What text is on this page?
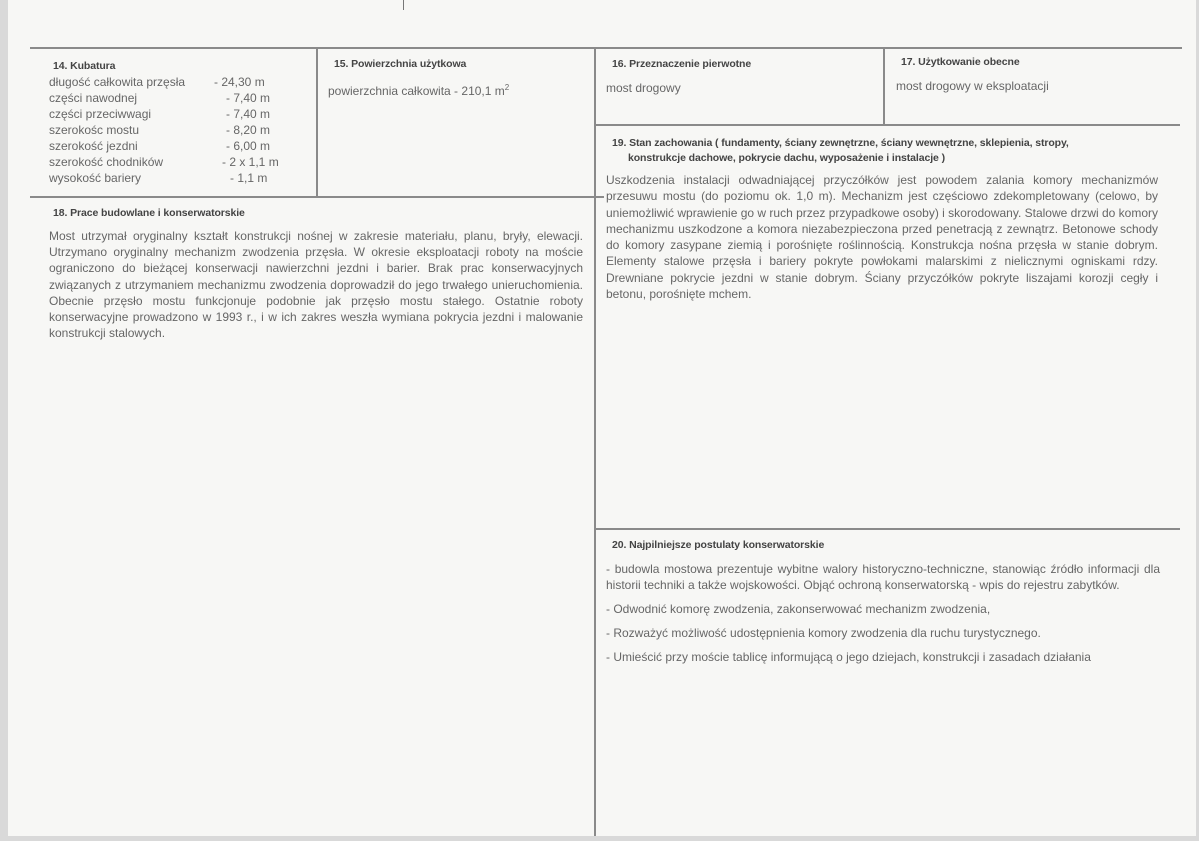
14. Kubatura
długość całkowita przęsła - 24,30 m
części nawodnej	- 7,40 m
części przeciwwagi	- 7,40 m
szerokośc mostu	- 8,20 m
szerokość jezdni	- 6,00 m
szerokość chodników	- 2 x 1,1 m
wysokość bariery	- 1,1 m
15. Powierzchnia użytkowa
powierzchnia całkowita - 210,1 $m^2$
16. Przeznaczenie pierwotne
most drogowy
17. Użytkowanie obecne
most drogowy w eksploatacji
18. Prace budowlane i konserwatorskie
Most utrzymał oryginalny kształt konstrukcji nośnej w zakresie materiału, planu, bryły, elewacji. Utrzymano oryginalny mechanizm zwodzenia przęsła. W okresie eksploatacji roboty na moście ograniczono do bieżącej konserwacji nawierzchni jezdni i barier. Brak prac konserwacyjnych związanych z utrzymaniem mechanizmu zwodzenia doprowadził do jego trwałego unieruchomienia. Obecnie przęsło mostu funkcjonuje podobnie jak przęsło mostu stałego. Ostatnie roboty konserwacyjne prowadzono w 1993 r., i w ich zakres weszła wymiana pokrycia jezdni i malowanie konstrukcji stalowych.
19. Stan zachowania ( fundamenty, ściany zewnętrzne, ściany wewnętrzne, sklepienia, stropy,
konstrukcje dachowe, pokrycie dachu, wyposażenie i instalacje )
Uszkodzenia instalacji odwadniającej przyczółków jest powodem zalania komory mechanizmów przesuwu mostu (do poziomu ok. 1,0 m). Mechanizm jest częściowo zdekompletowany (celowo, by uniemożliwić wprawienie go w ruch przez przypadkowe osoby) i skorodowany. Stalowe drzwi do komory mechanizmu uszkodzone a komora niezabezpieczona przed penetracją z zewnątrz. Betonowe schody do komory zasypane ziemią i porośnięte roślinnością. Konstrukcja nośna przęsła w stanie dobrym. Elementy stalowe przęsła i bariery pokryte powłokami malarskimi z nielicznymi ogniskami rdzy. Drewniane pokrycie jezdni w stanie dobrym. Ściany przyczółków pokryte liszajami korozji cegły i betonu, porośnięte mchem.
20. Najpilniejsze postulaty konserwatorskie

- budowla mostowa prezentuje wybitne walory historyczno-techniczne, stanowiąc źródło informacji dla historii techniki a także wojskowości. Objąć ochroną konserwatorską - wpis do rejestru zabytków.

- Odwodnić komorę zwodzenia, zakonserwować mechanizm zwodzenia,

- Rozważyć możliwość udostępnienia komory zwodzenia dla ruchu turystycznego.

- Umieścić przy moście tablicę informującą o jego dziejach, konstrukcji i zasadach działania
